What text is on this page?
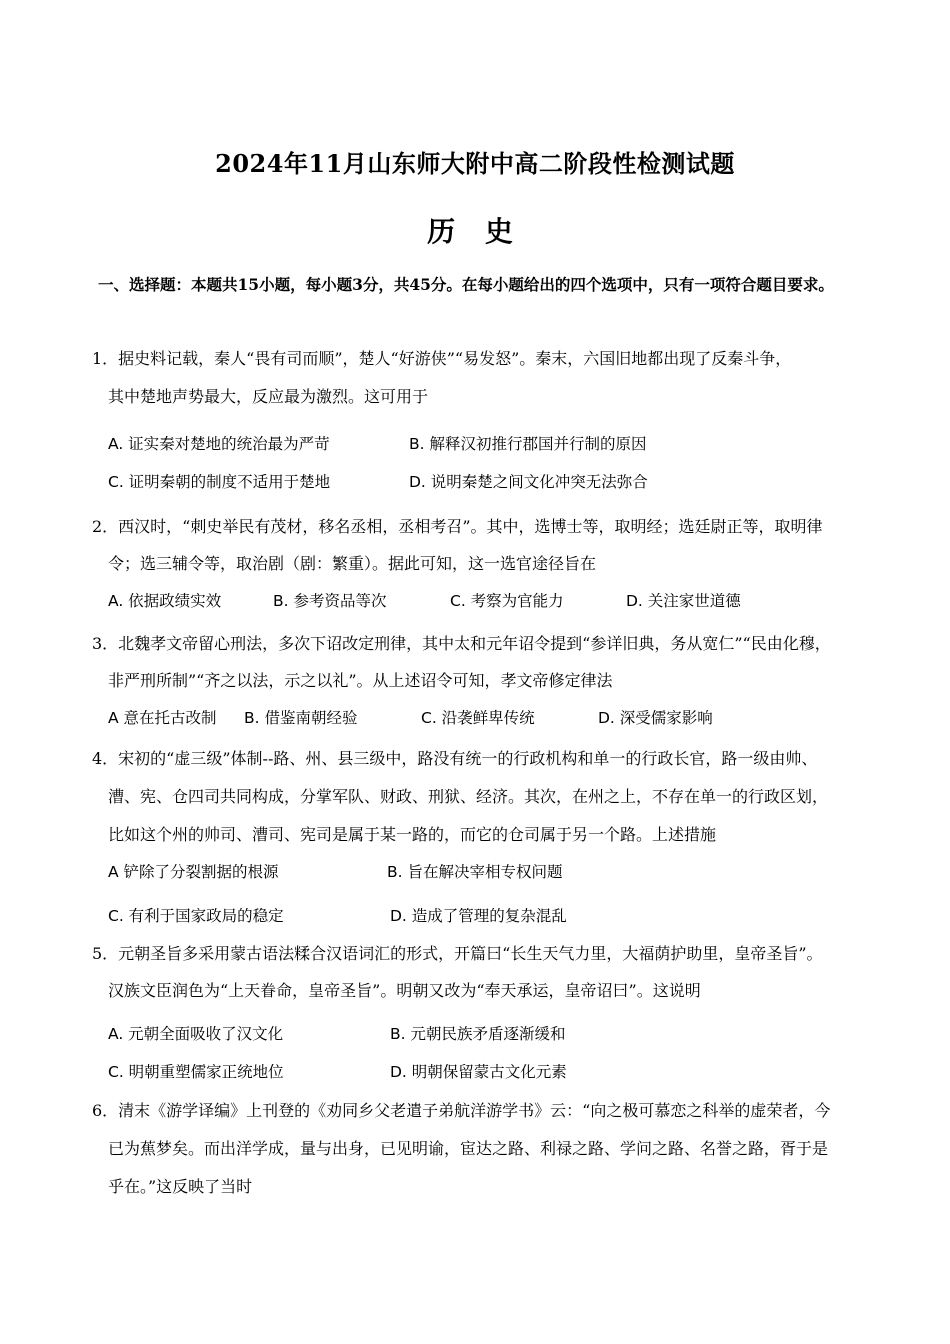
2024年11月山东师大附中高二阶段性检测试题
历 史
一、选择题：本题共15小题，每小题3分，共45分。在每小题给出的四个选项中，只有一项符合题目要求。
1．据史料记载，秦人“畏有司而顺”，楚人“好游侠”“易发怒”。秦末，六国旧地都出现了反秦斗争，
其中楚地声势最大，反应最为激烈。这可用于
A. 证实秦对楚地的统治最为严苛	B. 解释汉初推行郡国并行制的原因
C. 证明秦朝的制度不适用于楚地	D. 说明秦楚之间文化冲突无法弥合
2．西汉时，“刺史举民有茂材，移名丞相，丞相考召”。其中，选博士等，取明经；选廷尉正等，取明律
令；选三辅令等，取治剧（剧：繁重）。据此可知，这一选官途径旨在
A. 依据政绩实效	B. 参考资品等次	C. 考察为官能力	D. 关注家世道德
3．北魏孝文帝留心刑法，多次下诏改定刑律，其中太和元年诏令提到“参详旧典，务从宽仁”“民由化穆，
非严刑所制”“齐之以法，示之以礼”。从上述诏令可知，孝文帝修定律法
A 意在托古改制 B. 借鉴南朝经验	C. 沿袭鲜卑传统	D. 深受儒家影响
4．宋初的“虚三级”体制--路、州、县三级中，路没有统一的行政机构和单一的行政长官，路一级由帅、
漕、宪、仓四司共同构成，分掌军队、财政、刑狱、经济。其次，在州之上，不存在单一的行政区划，
比如这个州的帅司、漕司、宪司是属于某一路的，而它的仓司属于另一个路。上述措施
A 铲除了分裂割据的根源	B. 旨在解决宰相专权问题
C. 有利于国家政局的稳定	D. 造成了管理的复杂混乱
5．元朝圣旨多采用蒙古语法糅合汉语词汇的形式，开篇曰“长生天气力里，大福荫护助里，皇帝圣旨”。
汉族文臣润色为“上天眷命，皇帝圣旨”。明朝又改为“奉天承运，皇帝诏曰”。这说明
A. 元朝全面吸收了汉文化	B. 元朝民族矛盾逐渐缓和
C. 明朝重塑儒家正统地位	D. 明朝保留蒙古文化元素
6．清末《游学译编》上刊登的《劝同乡父老遣子弟航洋游学书》云：“向之极可慕恋之科举的虚荣者，今
已为蕉梦矣。而出洋学成，量与出身，已见明谕，宦达之路、利禄之路、学问之路、名誉之路，胥于是
乎在。”这反映了当时
